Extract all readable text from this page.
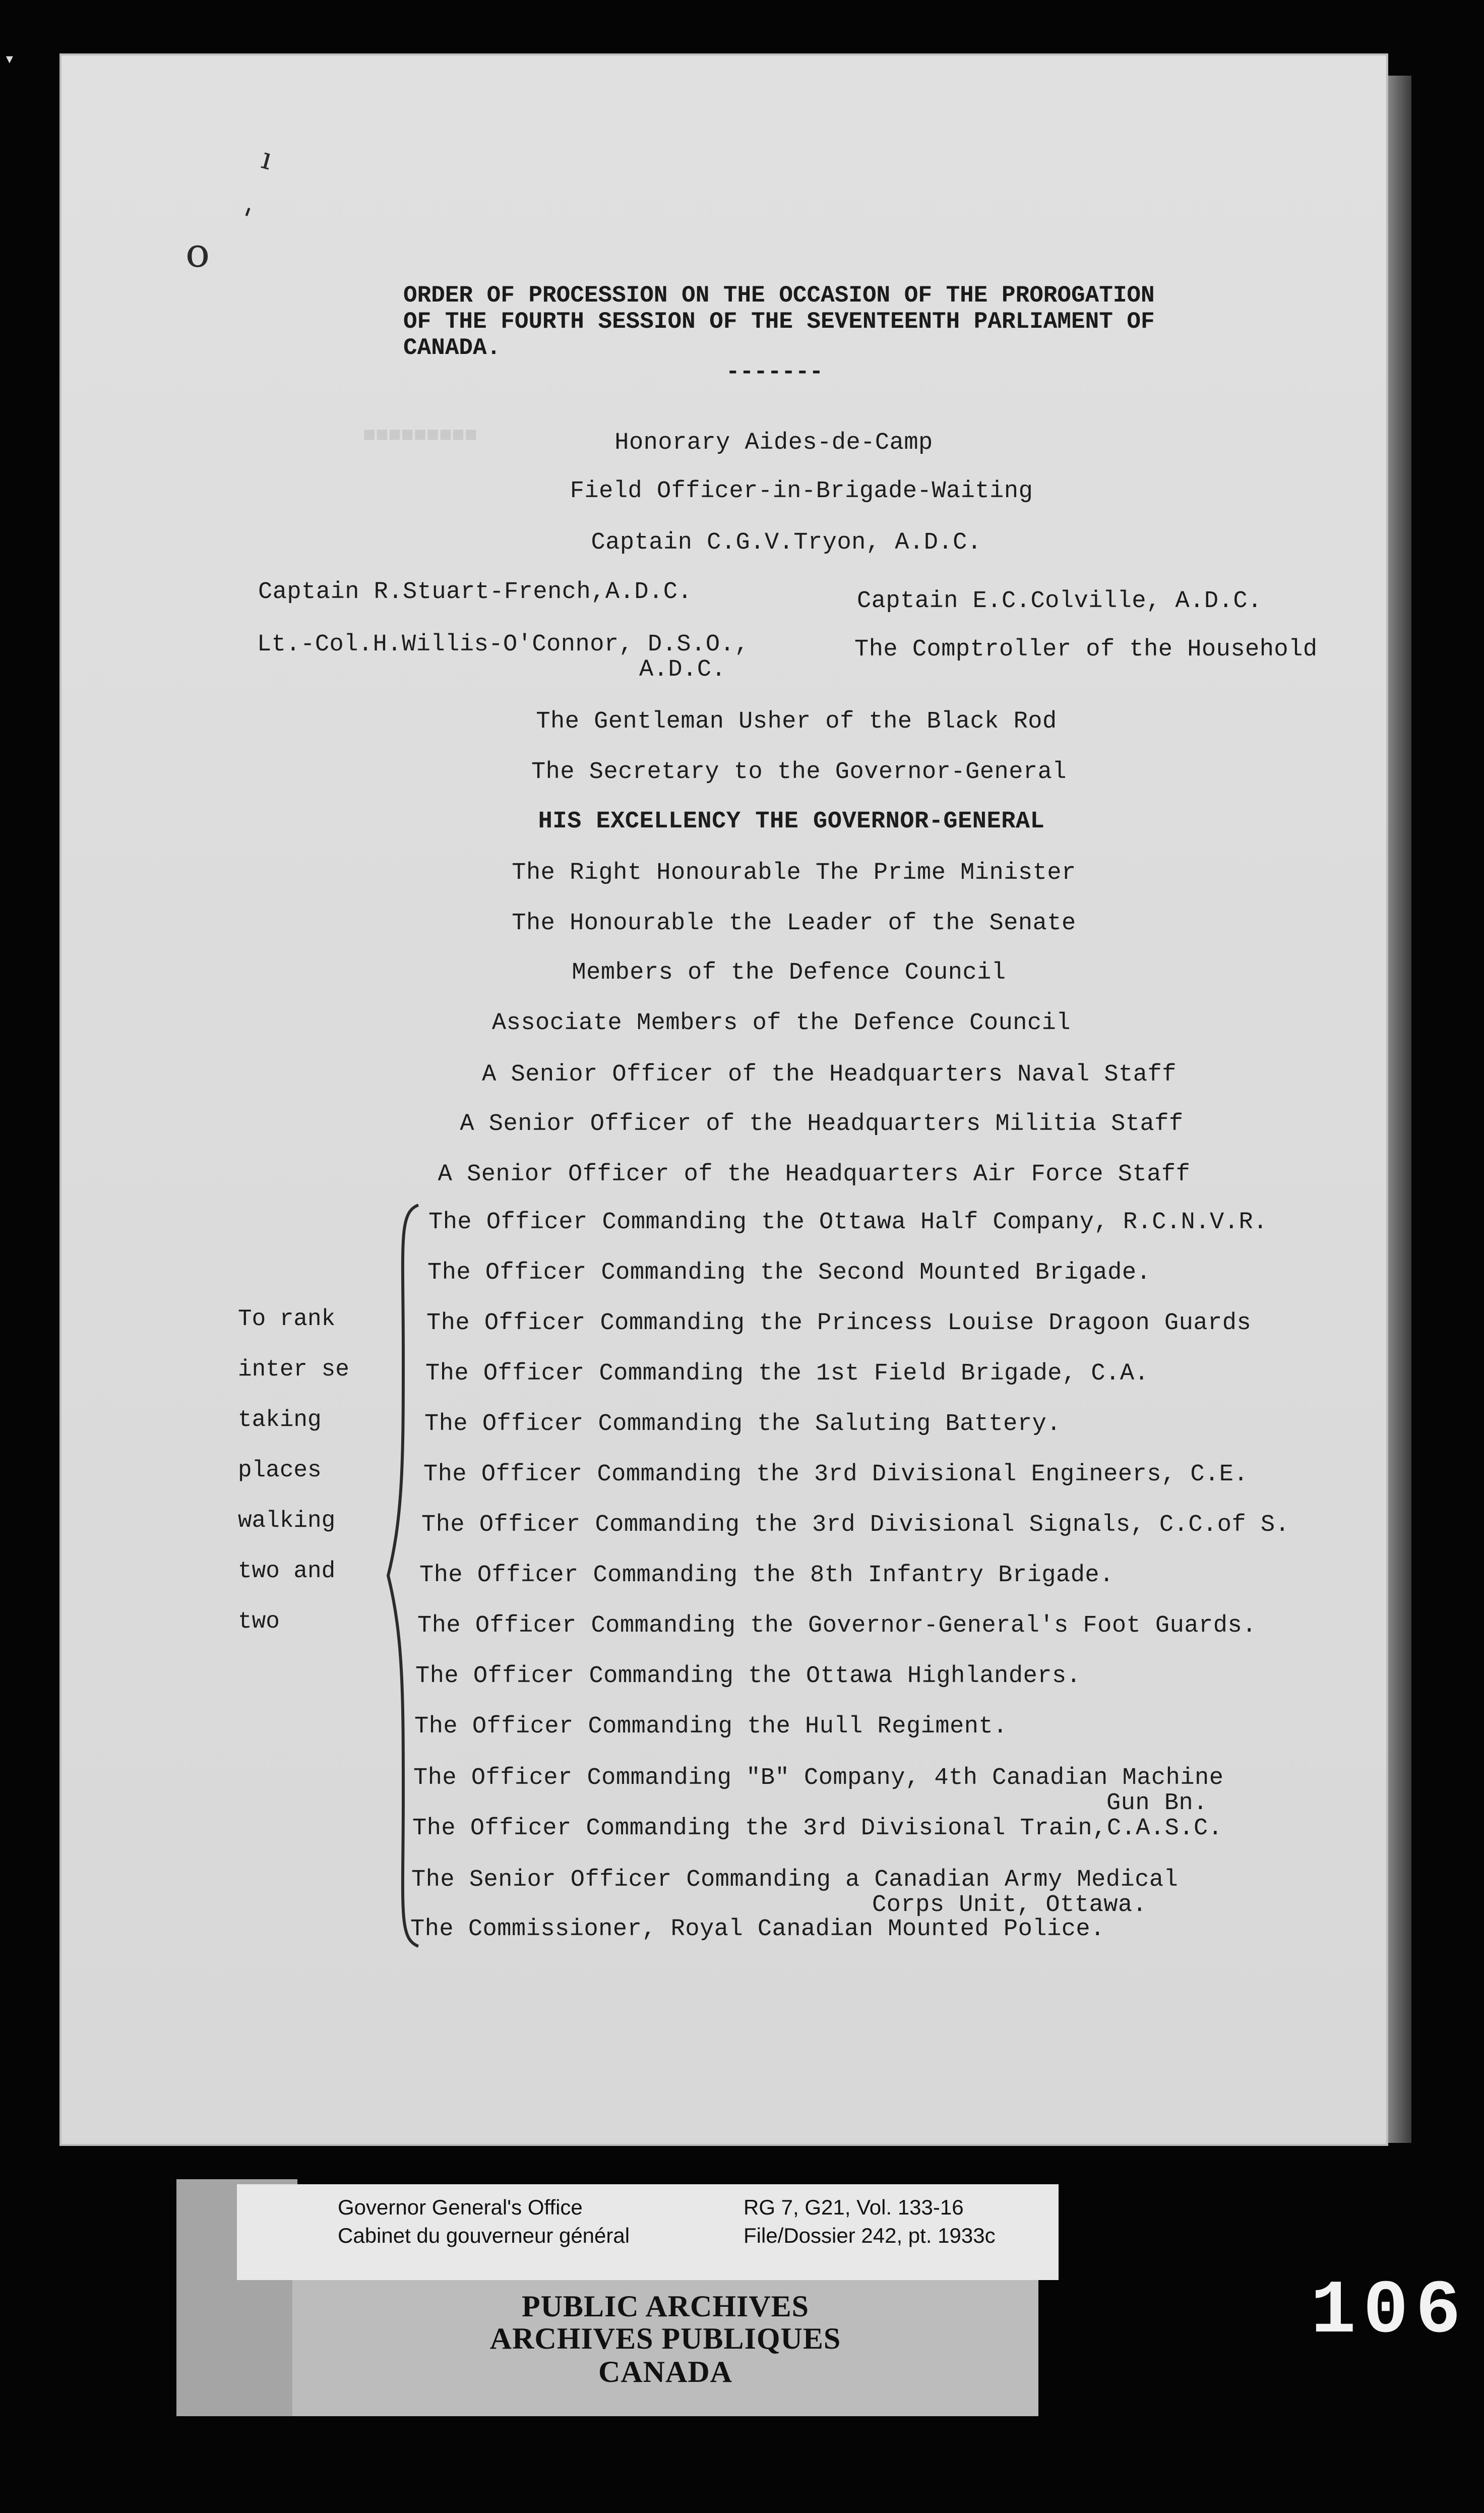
■■■■■■■■■
ı
o
'
ORDER OF PROCESSION ON THE OCCASION OF THE PROROGATION
OF THE FOURTH SESSION OF THE SEVENTEENTH PARLIAMENT OF
CANADA.
-------
Honorary Aides-de-Camp
Field Officer-in-Brigade-Waiting
Captain C.G.V.Tryon, A.D.C.
Captain R.Stuart-French,A.D.C.	Captain E.C.Colville, A.D.C.
Lt.-Col.H.Willis-O'Connor, D.S.O.,
A.D.C.
The Comptroller of the Household
The Gentleman Usher of the Black Rod
The Secretary to the Governor-General
HIS EXCELLENCY THE GOVERNOR-GENERAL
The Right Honourable The Prime Minister
The Honourable the Leader of the Senate
Members of the Defence Council
Associate Members of the Defence Council
A Senior Officer of the Headquarters Naval Staff
A Senior Officer of the Headquarters Militia Staff
A Senior Officer of the Headquarters Air Force Staff
To rank
inter se
taking
places
walking
two and
two
The Officer Commanding the Ottawa Half Company, R.C.N.V.R.
The Officer Commanding the Second Mounted Brigade.
The Officer Commanding the Princess Louise Dragoon Guards
The Officer Commanding the 1st Field Brigade, C.A.
The Officer Commanding the Saluting Battery.
The Officer Commanding the 3rd Divisional Engineers, C.E.
The Officer Commanding the 3rd Divisional Signals, C.C.of S.
The Officer Commanding the 8th Infantry Brigade.
The Officer Commanding the Governor-General's Foot Guards.
The Officer Commanding the Ottawa Highlanders.
The Officer Commanding the Hull Regiment.
The Officer Commanding "B" Company, 4th Canadian Machine
Gun Bn.
The Officer Commanding the 3rd Divisional Train,C.A.S.C.
The Senior Officer Commanding a Canadian Army Medical
Corps Unit, Ottawa.
The Commissioner, Royal Canadian Mounted Police.
Governor General's Office
Cabinet du gouverneur général
RG 7, G21, Vol. 133-16
File/Dossier 242, pt. 1933c
PUBLIC ARCHIVES
ARCHIVES PUBLIQUES
CANADA
106
▾
